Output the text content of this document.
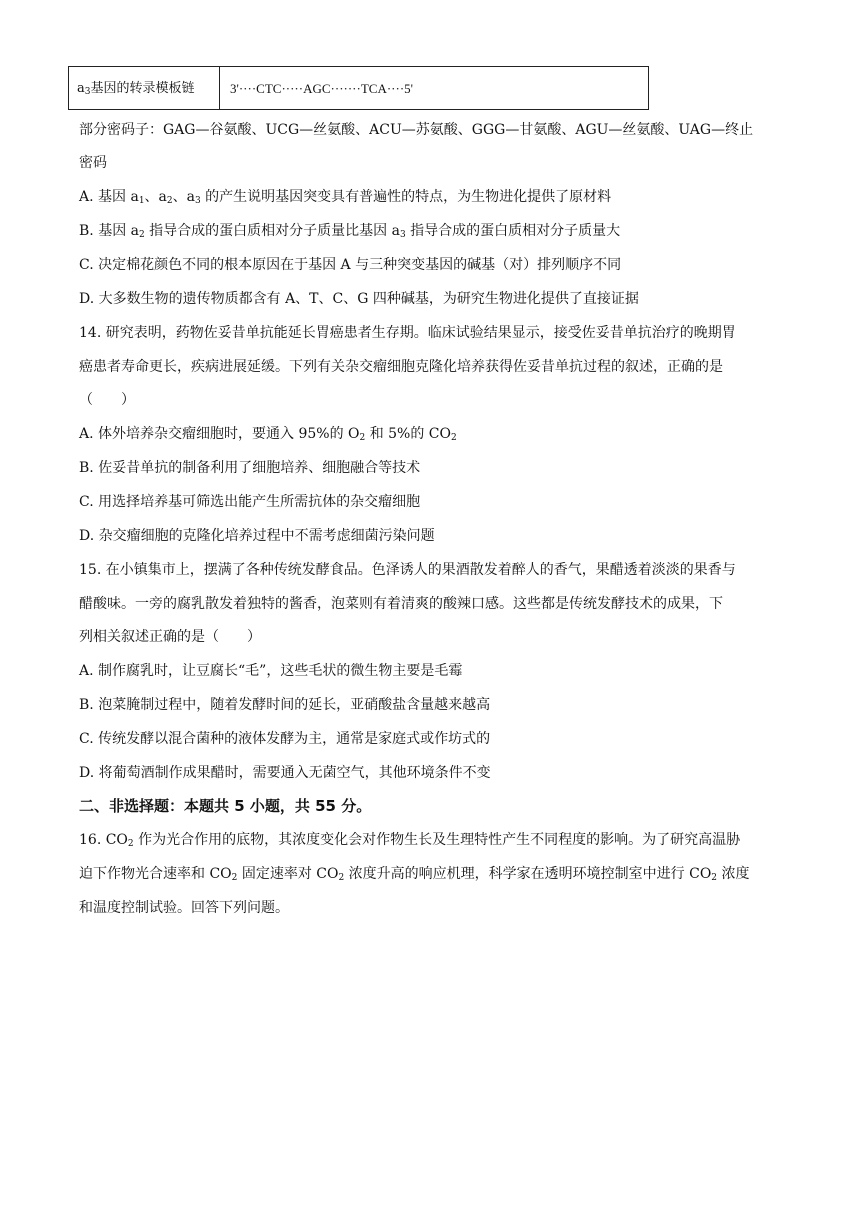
$a_3$基因的转录模板链	3'····CTC·····AGC·······TCA····5'
部分密码子：GAG—谷氨酸、UCG—丝氨酸、ACU—苏氨酸、GGG—甘氨酸、AGU—丝氨酸、UAG—终止
密码
A. 基因 $a_1$、$a_2$、$a_3$ 的产生说明基因突变具有普遍性的特点，为生物进化提供了原材料
B. 基因 $a_2$ 指导合成的蛋白质相对分子质量比基因 $a_3$ 指导合成的蛋白质相对分子质量大
C. 决定棉花颜色不同的根本原因在于基因 A 与三种突变基因的碱基（对）排列顺序不同
D. 大多数生物的遗传物质都含有 A、T、C、G 四种碱基，为研究生物进化提供了直接证据
14. 研究表明，药物佐妥昔单抗能延长胃癌患者生存期。临床试验结果显示，接受佐妥昔单抗治疗的晚期胃
癌患者寿命更长，疾病进展延缓。下列有关杂交瘤细胞克隆化培养获得佐妥昔单抗过程的叙述，正确的是
（　　）
A. 体外培养杂交瘤细胞时，要通入 95%的 $O_2$ 和 5%的 $CO_2$
B. 佐妥昔单抗的制备利用了细胞培养、细胞融合等技术
C. 用选择培养基可筛选出能产生所需抗体的杂交瘤细胞
D. 杂交瘤细胞的克隆化培养过程中不需考虑细菌污染问题
15. 在小镇集市上，摆满了各种传统发酵食品。色泽诱人的果酒散发着醉人的香气，果醋透着淡淡的果香与
醋酸味。一旁的腐乳散发着独特的酱香，泡菜则有着清爽的酸辣口感。这些都是传统发酵技术的成果，下
列相关叙述正确的是（　　）
A. 制作腐乳时，让豆腐长“毛”，这些毛状的微生物主要是毛霉
B. 泡菜腌制过程中，随着发酵时间的延长，亚硝酸盐含量越来越高
C. 传统发酵以混合菌种的液体发酵为主，通常是家庭式或作坊式的
D. 将葡萄酒制作成果醋时，需要通入无菌空气，其他环境条件不变
二、非选择题：本题共 5 小题，共 55 分。
16. $CO_2$ 作为光合作用的底物，其浓度变化会对作物生长及生理特性产生不同程度的影响。为了研究高温胁
迫下作物光合速率和 $CO_2$ 固定速率对 $CO_2$ 浓度升高的响应机理，科学家在透明环境控制室中进行 $CO_2$ 浓度
和温度控制试验。回答下列问题。
